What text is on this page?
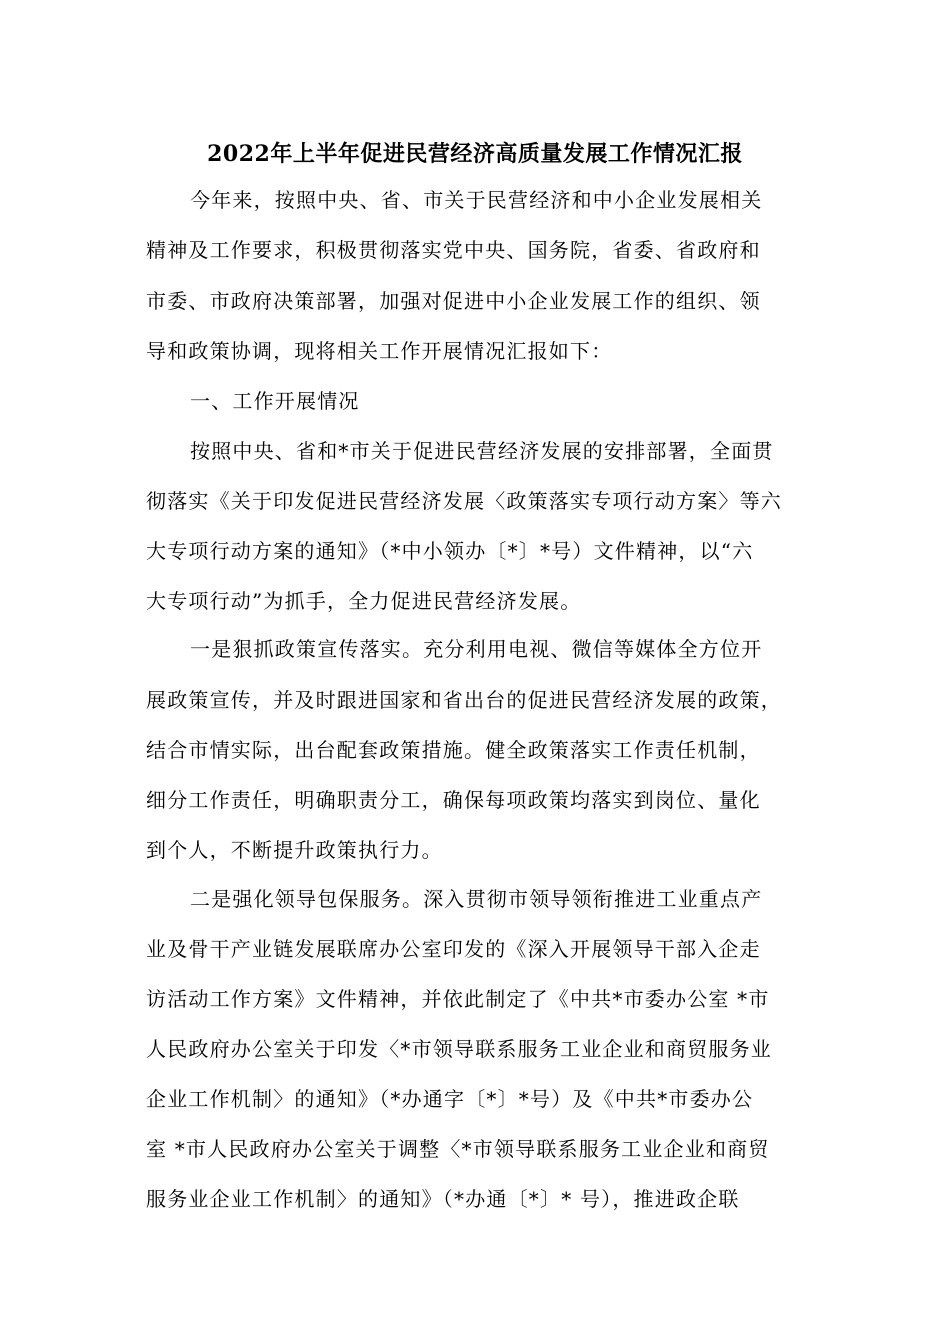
2022年上半年促进民营经济高质量发展工作情况汇报
今年来，按照中央、省、市关于民营经济和中小企业发展相关
精神及工作要求，积极贯彻落实党中央、国务院，省委、省政府和
市委、市政府决策部署，加强对促进中小企业发展工作的组织、领
导和政策协调，现将相关工作开展情况汇报如下：
一、工作开展情况
按照中央、省和*市关于促进民营经济发展的安排部署，全面贯
彻落实《关于印发促进民营经济发展〈政策落实专项行动方案〉等六
大专项行动方案的通知》（*中小领办〔*〕*号）文件精神，以“六
大专项行动”为抓手，全力促进民营经济发展。
一是狠抓政策宣传落实。充分利用电视、微信等媒体全方位开
展政策宣传，并及时跟进国家和省出台的促进民营经济发展的政策，
结合市情实际，出台配套政策措施。健全政策落实工作责任机制，
细分工作责任，明确职责分工，确保每项政策均落实到岗位、量化
到个人，不断提升政策执行力。
二是强化领导包保服务。深入贯彻市领导领衔推进工业重点产
业及骨干产业链发展联席办公室印发的《深入开展领导干部入企走
访活动工作方案》文件精神，并依此制定了《中共*市委办公室 *市
人民政府办公室关于印发〈*市领导联系服务工业企业和商贸服务业
企业工作机制〉的通知》（*办通字〔*〕*号）及《中共*市委办公
室 *市人民政府办公室关于调整〈*市领导联系服务工业企业和商贸
服务业企业工作机制〉的通知》（*办通〔*〕* 号），推进政企联
